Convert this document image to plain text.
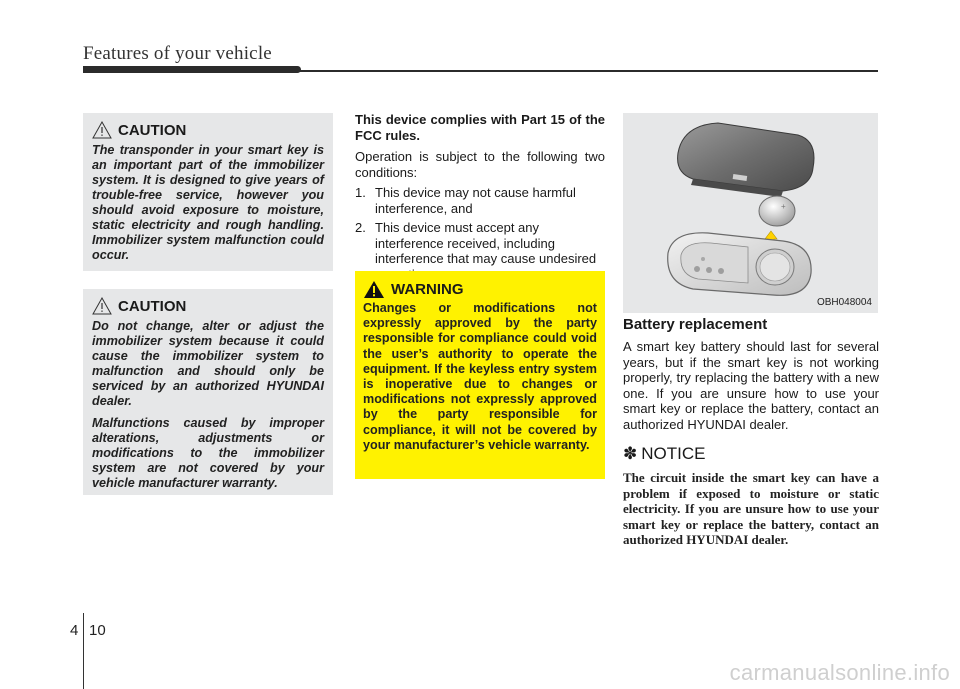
Features of your vehicle
CAUTION

The transponder in your smart key is an important part of the immobilizer system. It is designed to give years of trouble-free service, however you should avoid exposure to moisture, static electricity and rough handling. Immobilizer system malfunction could occur.

CAUTION

Do not change, alter or adjust the immobilizer system because it could cause the immobilizer system to malfunction and should only be serviced by an authorized HYUNDAI dealer.

Malfunctions caused by improper alterations, adjustments or modifications to the immobilizer system are not covered by your vehicle manufacturer warranty.

This device complies with Part 15 of the FCC rules.

Operation is subject to the following two conditions:

1. This device may not cause harmful interference, and
2. This device must accept any interference received, including interference that may cause undesired
WARNING

Changes or modifications not expressly approved by the party responsible for compliance could void the user’s authority to operate the equipment. If the keyless entry system is inoperative due to changes or modifications not expressly approved by the party responsible for compliance, it will not be covered by your manufacturer’s vehicle warranty.

+
OBH048004
Battery replacement

A smart key battery should last for several years, but if the smart key is not working properly, try replacing the battery with a new one. If you are unsure how to use your smart key or replace the battery, contact an authorized HYUNDAI dealer.

✽ NOTICE

The circuit inside the smart key can have a problem if exposed to moisture or static electricity. If you are unsure how to use your smart key or replace the battery, contact an authorized HYUNDAI dealer.

4 10
carmanualsonline.info
